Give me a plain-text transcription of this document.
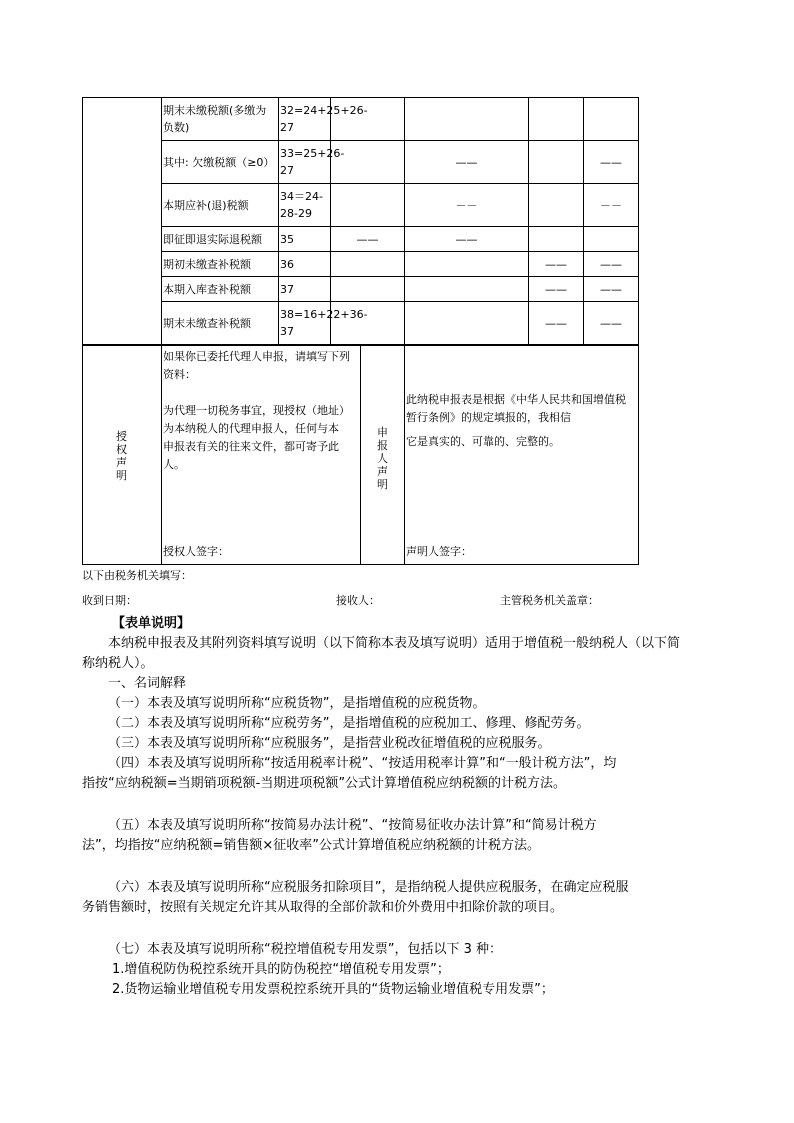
	期末未缴税额(多缴为负数)	32=24+25+26-27				
	其中: 欠缴税额（≥0）	33=25+26-27		——		——
	本期应补(退)税额	34＝24-28-29		－－		－－
	即征即退实际退税额	35	——	——		
	期初未缴查补税额	36			——	——
	本期入库查补税额	37			——	——
	期末未缴查补税额	38=16+22+36-37			——	——
授权声明
如果你已委托代理人申报，请填写下列资料：
为代理一切税务事宜，现授权（地址）为本纳税人的代理申报人，任何与本
申报表有关的往来文件，都可寄予此人。
授权人签字：
申报人声明
此纳税申报表是根据《中华人民共和国增值税暂行条例》的规定填报的，我相信
它是真实的、可靠的、完整的。
声明人签字：
以下由税务机关填写：
收到日期：	接收人：	主管税务机关盖章：
【表单说明】
本纳税申报表及其附列资料填写说明（以下简称本表及填写说明）适用于增值税一般纳税人（以下简称纳税人）。
一、名词解释
（一）本表及填写说明所称“应税货物”，是指增值税的应税货物。
（二）本表及填写说明所称“应税劳务”，是指增值税的应税加工、修理、修配劳务。
（三）本表及填写说明所称“应税服务”，是指营业税改征增值税的应税服务。
（四）本表及填写说明所称“按适用税率计税”、“按适用税率计算”和“一般计税方法”，均
指按“应纳税额=当期销项税额-当期进项税额”公式计算增值税应纳税额的计税方法。
（五）本表及填写说明所称“按简易办法计税”、“按简易征收办法计算”和“简易计税方
法”，均指按“应纳税额=销售额×征收率”公式计算增值税应纳税额的计税方法。
（六）本表及填写说明所称“应税服务扣除项目”，是指纳税人提供应税服务，在确定应税服
务销售额时，按照有关规定允许其从取得的全部价款和价外费用中扣除价款的项目。
（七）本表及填写说明所称“税控增值税专用发票”，包括以下 3 种：
1.增值税防伪税控系统开具的防伪税控“增值税专用发票”；
2.货物运输业增值税专用发票税控系统开具的“货物运输业增值税专用发票”；
